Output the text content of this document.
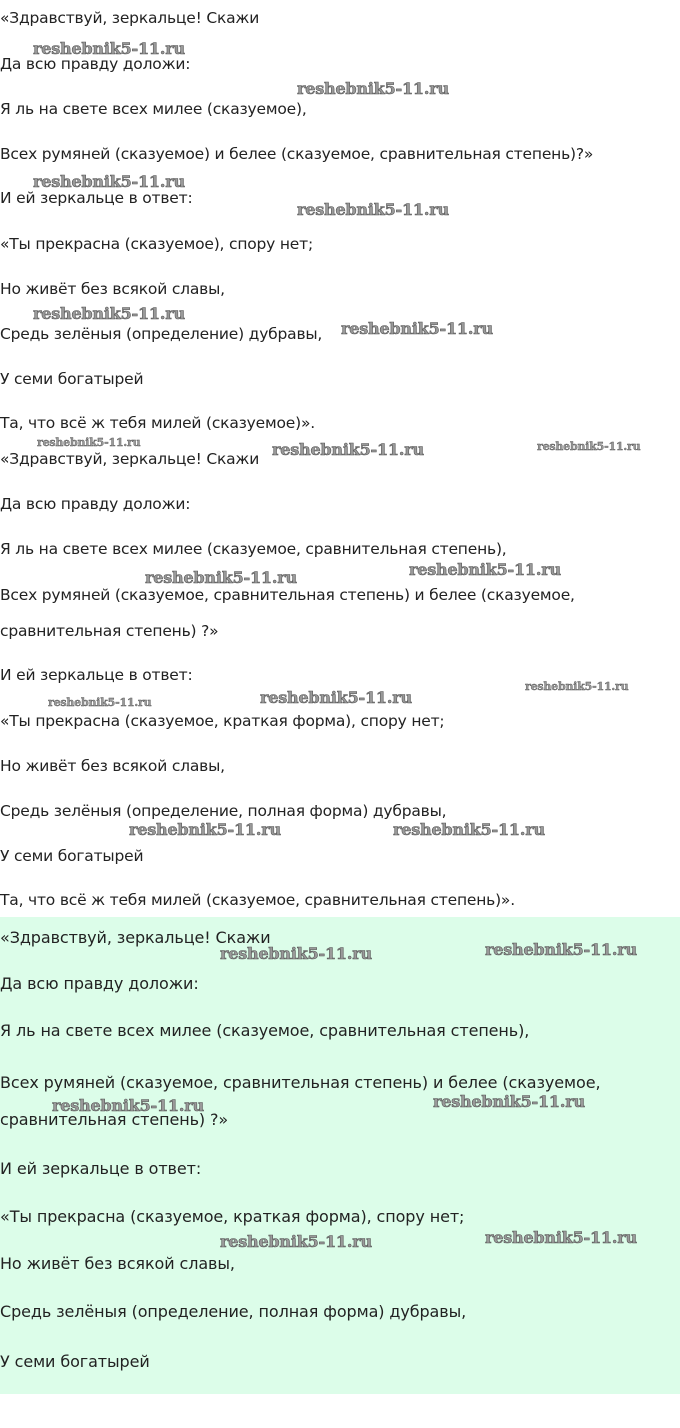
«Здравствуй, зеркальце! Скажи

Да всю правду доложи:

Я ль на свете всех милее (сказуемое),

Всех румяней (сказуемое) и белее (сказуемое, сравнительная степень)?»

И ей зеркальце в ответ:

«Ты прекрасна (сказуемое), спору нет;

Но живёт без всякой славы,

Средь зелёныя (определение) дубравы,

У семи богатырей

Та, что всё ж тебя милей (сказуемое)».

«Здравствуй, зеркальце! Скажи

Да всю правду доложи:

Я ль на свете всех милее (сказуемое, сравнительная степень),

Всех румяней (сказуемое, сравнительная степень) и белее (сказуемое,

сравнительная степень) ?»

И ей зеркальце в ответ:

«Ты прекрасна (сказуемое, краткая форма), спору нет;

Но живёт без всякой славы,

Средь зелёныя (определение, полная форма) дубравы,

У семи богатырей

Та, что всё ж тебя милей (сказуемое, сравнительная степень)».

«Здравствуй, зеркальце! Скажи

Да всю правду доложи:

Я ль на свете всех милее (сказуемое, сравнительная степень),

Всех румяней (сказуемое, сравнительная степень) и белее (сказуемое,

сравнительная степень) ?»

И ей зеркальце в ответ:

«Ты прекрасна (сказуемое, краткая форма), спору нет;

Но живёт без всякой славы,

Средь зелёныя (определение, полная форма) дубравы,

У семи богатырей

reshebnik5-11.ru
reshebnik5-11.ru
reshebnik5-11.ru
reshebnik5-11.ru
reshebnik5-11.ru
reshebnik5-11.ru
reshebnik5-11.ru	reshebnik5-11.ru	reshebnik5-11.ru
reshebnik5-11.ru	reshebnik5-11.ru
reshebnik5-11.ru
reshebnik5-11.ru	reshebnik5-11.ru
reshebnik5-11.ru	reshebnik5-11.ru
reshebnik5-11.ru	reshebnik5-11.ru
reshebnik5-11.ru	reshebnik5-11.ru
reshebnik5-11.ru	reshebnik5-11.ru
